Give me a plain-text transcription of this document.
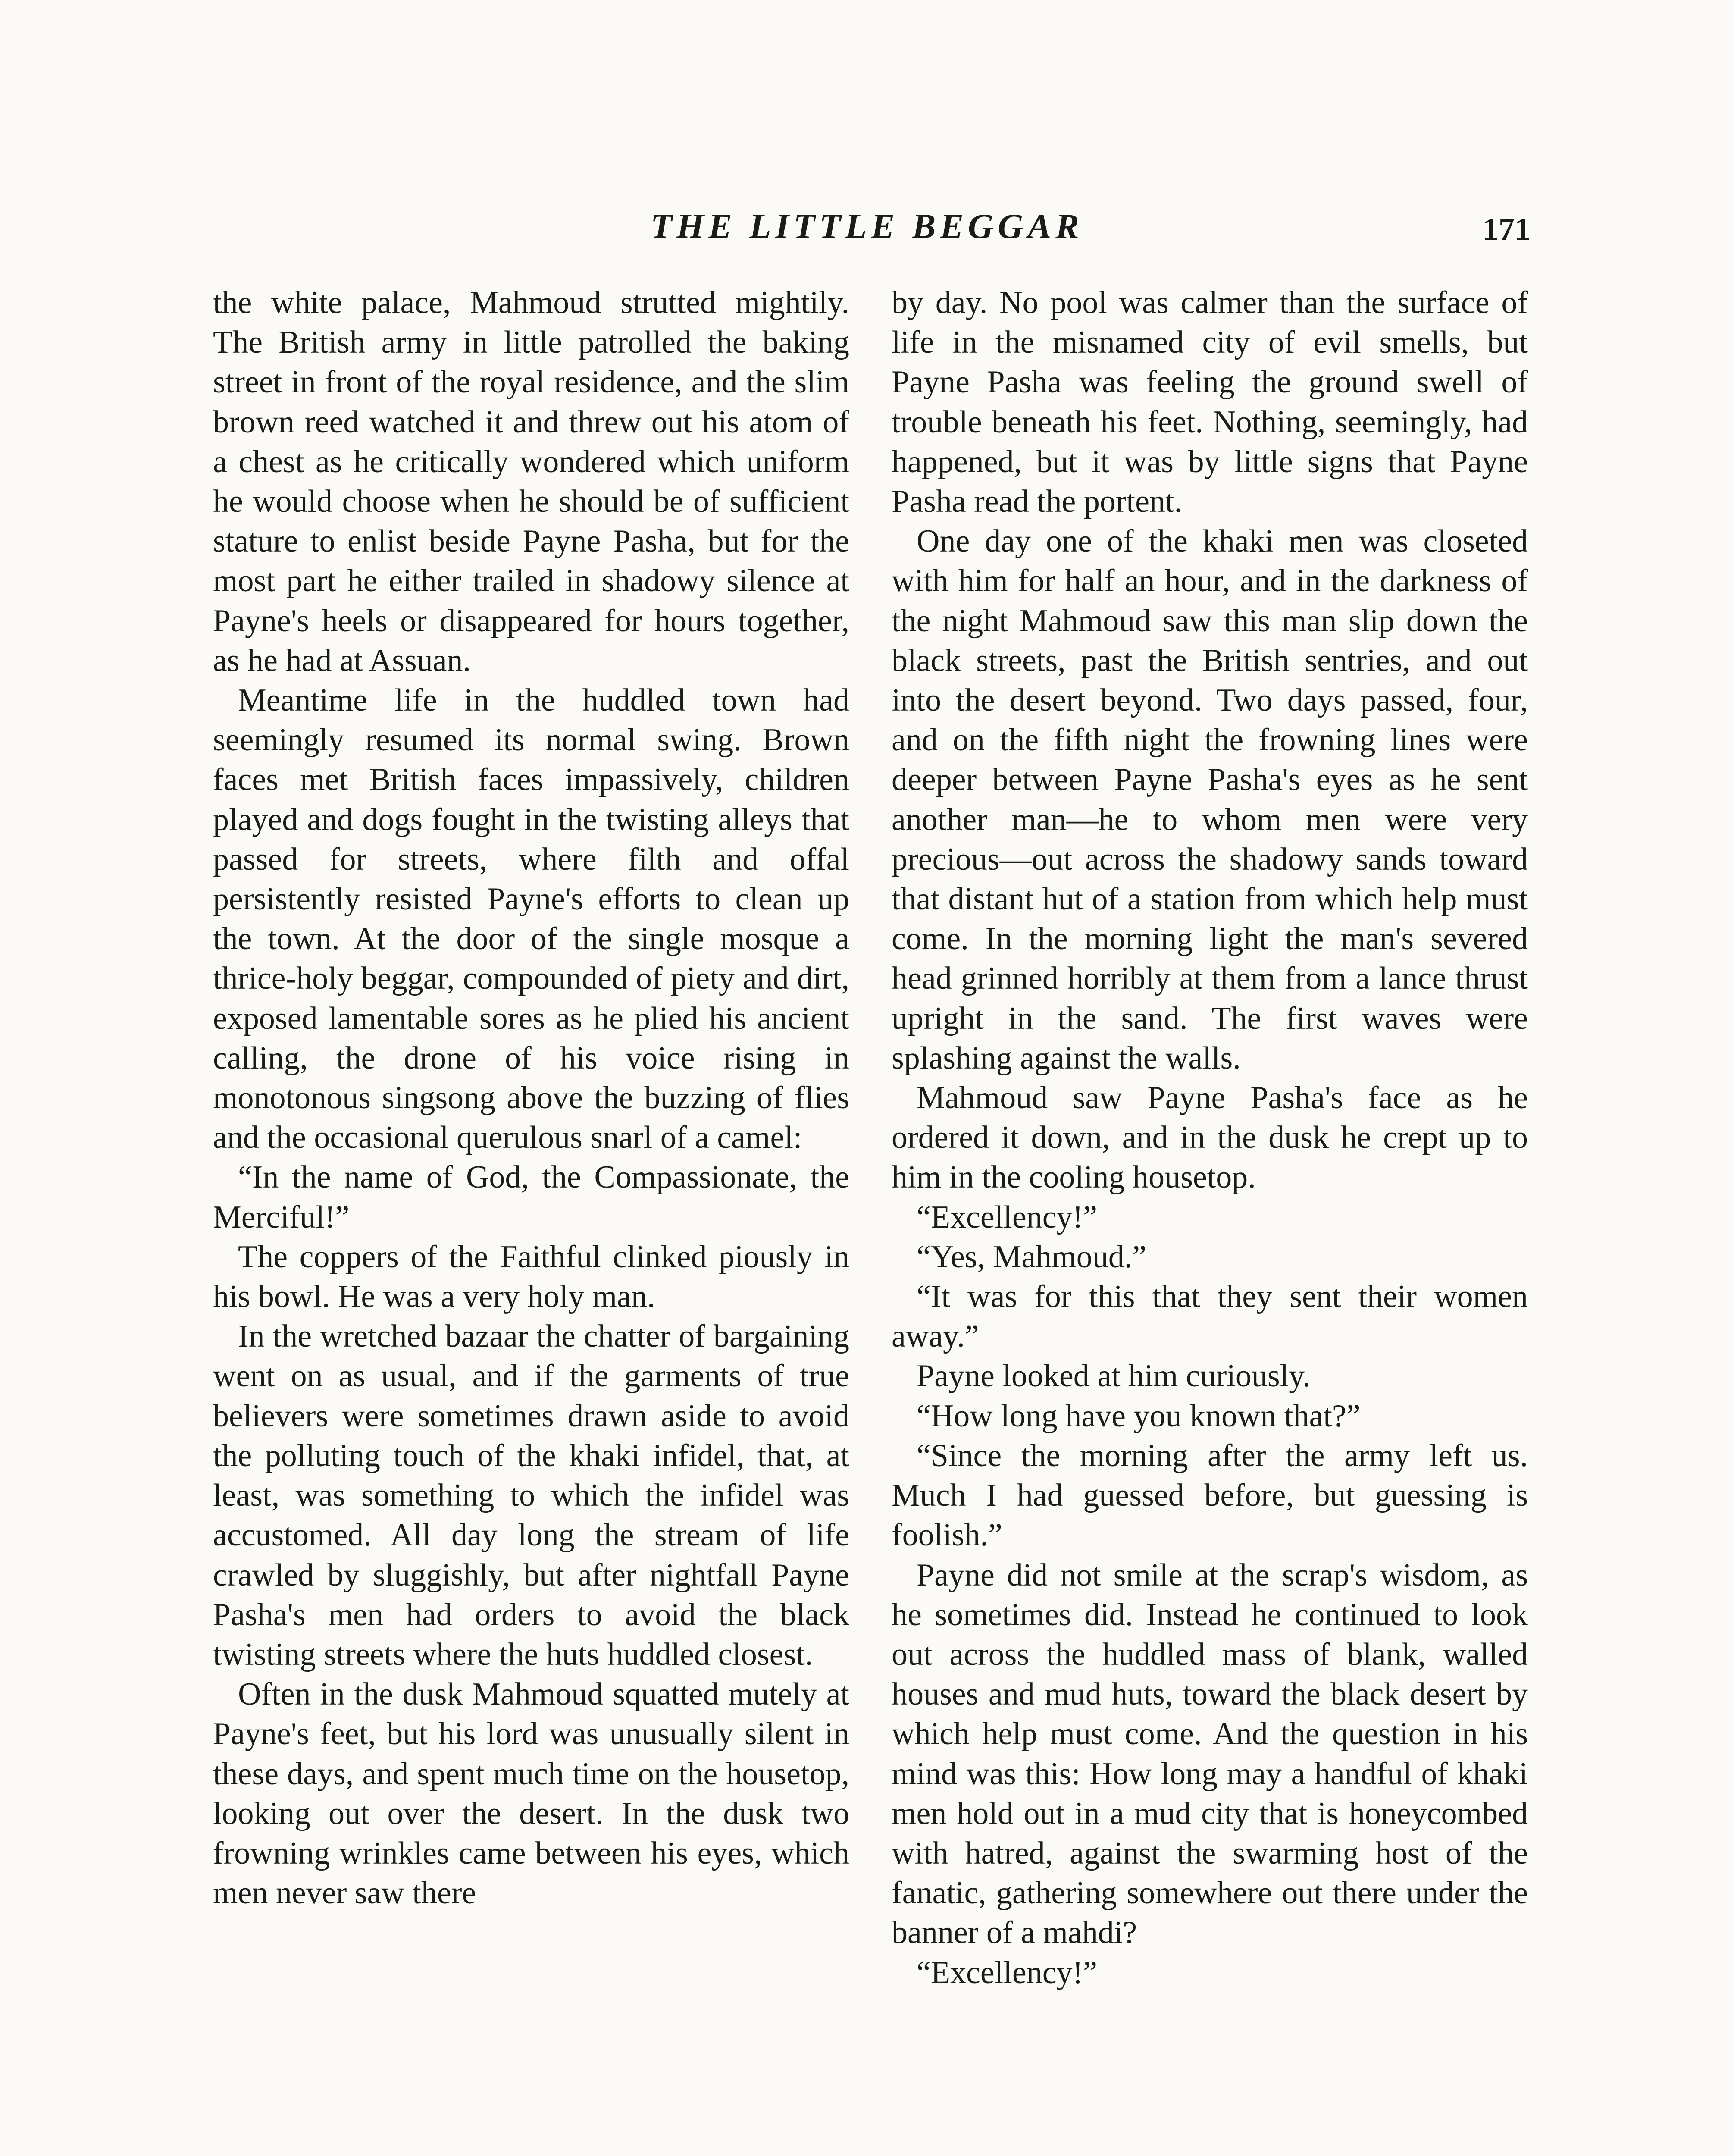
THE LITTLE BEGGAR	171

the white palace, Mahmoud strutted mightily. The British army in little patrolled the baking street in front of the royal residence, and the slim brown reed watched it and threw out his atom of a chest as he critically wondered which uniform he would choose when he should be of sufficient stature to enlist beside Payne Pasha, but for the most part he either trailed in shadowy silence at Payne's heels or disappeared for hours together, as he had at Assuan.

Meantime life in the huddled town had seemingly resumed its normal swing. Brown faces met British faces impassively, children played and dogs fought in the twisting alleys that passed for streets, where filth and offal persistently resisted Payne's efforts to clean up the town. At the door of the single mosque a thrice-holy beggar, compounded of piety and dirt, exposed lamentable sores as he plied his ancient calling, the drone of his voice rising in monotonous singsong above the buzzing of flies and the occasional querulous snarl of a camel:

“In the name of God, the Compassionate, the Merciful!”

The coppers of the Faithful clinked piously in his bowl. He was a very holy man.

In the wretched bazaar the chatter of bargaining went on as usual, and if the garments of true believers were sometimes drawn aside to avoid the polluting touch of the khaki infidel, that, at least, was something to which the infidel was accustomed. All day long the stream of life crawled by sluggishly, but after nightfall Payne Pasha's men had orders to avoid the black twisting streets where the huts huddled closest.

Often in the dusk Mahmoud squatted mutely at Payne's feet, but his lord was unusually silent in these days, and spent much time on the housetop, looking out over the desert. In the dusk two frowning wrinkles came between his eyes, which men never saw there

by day. No pool was calmer than the surface of life in the misnamed city of evil smells, but Payne Pasha was feeling the ground swell of trouble beneath his feet. Nothing, seemingly, had happened, but it was by little signs that Payne Pasha read the portent.

One day one of the khaki men was closeted with him for half an hour, and in the darkness of the night Mahmoud saw this man slip down the black streets, past the British sentries, and out into the desert beyond. Two days passed, four, and on the fifth night the frowning lines were deeper between Payne Pasha's eyes as he sent another man—he to whom men were very precious—out across the shadowy sands toward that distant hut of a station from which help must come. In the morning light the man's severed head grinned horribly at them from a lance thrust upright in the sand. The first waves were splashing against the walls.

Mahmoud saw Payne Pasha's face as he ordered it down, and in the dusk he crept up to him in the cooling housetop.

“Excellency!”

“Yes, Mahmoud.”

“It was for this that they sent their women away.”

Payne looked at him curiously.

“How long have you known that?”

“Since the morning after the army left us. Much I had guessed before, but guessing is foolish.”

Payne did not smile at the scrap's wisdom, as he sometimes did. Instead he continued to look out across the huddled mass of blank, walled houses and mud huts, toward the black desert by which help must come. And the question in his mind was this: How long may a handful of khaki men hold out in a mud city that is honeycombed with hatred, against the swarming host of the fanatic, gathering somewhere out there under the banner of a mahdi?

“Excellency!”
